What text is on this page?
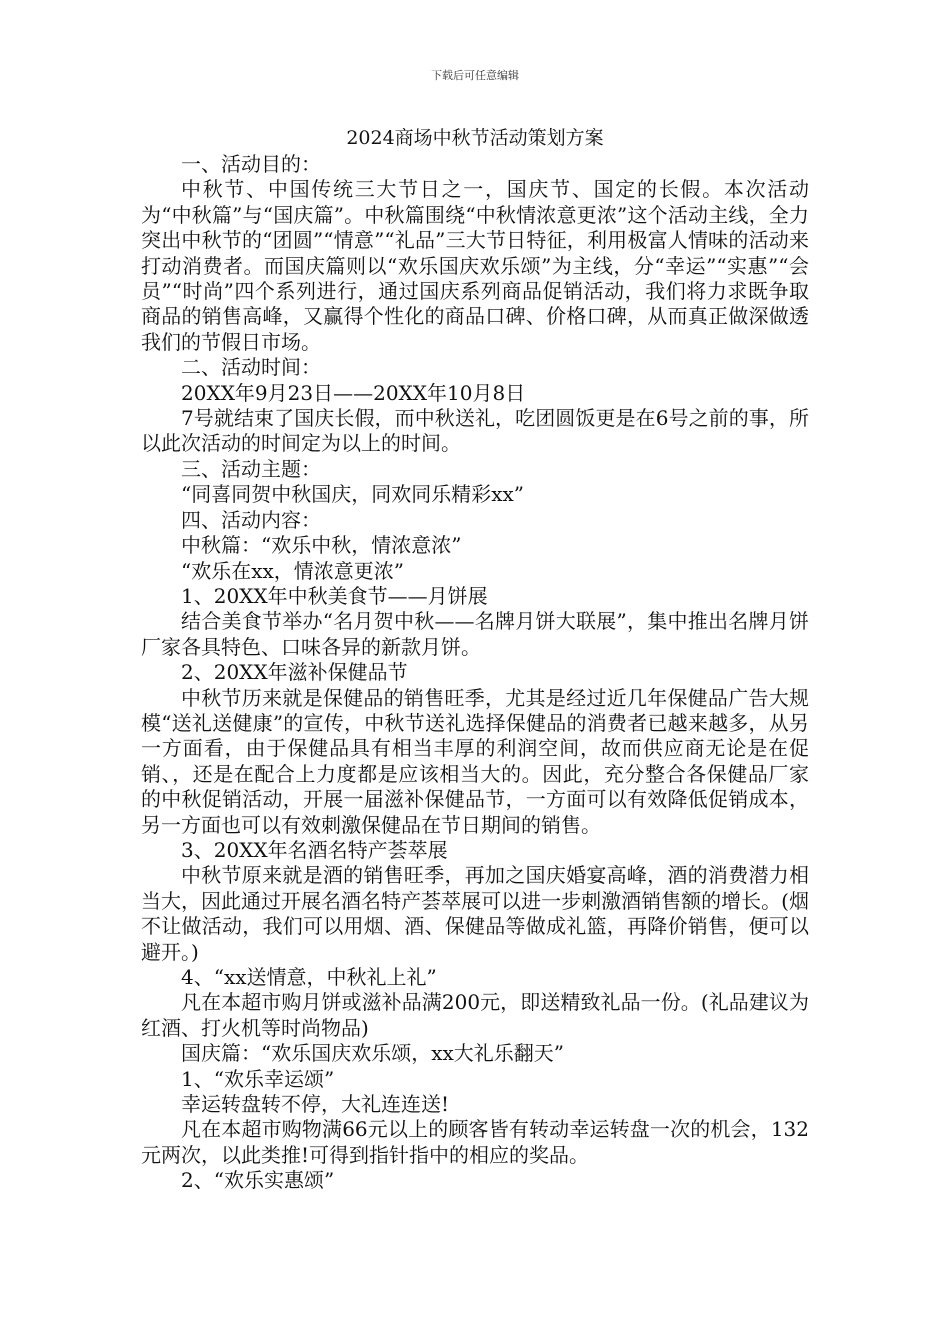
下载后可任意编辑
2024商场中秋节活动策划方案

一、活动目的：

中秋节、中国传统三大节日之一，国庆节、国定的长假。本次活动为“中秋篇”与“国庆篇”。中秋篇围绕“中秋情浓意更浓”这个活动主线，全力突出中秋节的“团圆”“情意”“礼品”三大节日特征，利用极富人情味的活动来打动消费者。而国庆篇则以“欢乐国庆欢乐颂”为主线，分“幸运”“实惠”“会员”“时尚”四个系列进行，通过国庆系列商品促销活动，我们将力求既争取商品的销售高峰，又赢得个性化的商品口碑、价格口碑，从而真正做深做透我们的节假日市场。

二、活动时间：

20XX年9月23日——20XX年10月8日

7号就结束了国庆长假，而中秋送礼，吃团圆饭更是在6号之前的事，所以此次活动的时间定为以上的时间。

三、活动主题：

“同喜同贺中秋国庆，同欢同乐精彩xx”

四、活动内容：

中秋篇：“欢乐中秋，情浓意浓”

“欢乐在xx，情浓意更浓”

1、20XX年中秋美食节——月饼展

结合美食节举办“名月贺中秋——名牌月饼大联展”，集中推出名牌月饼厂家各具特色、口味各异的新款月饼。

2、20XX年滋补保健品节

中秋节历来就是保健品的销售旺季，尤其是经过近几年保健品广告大规模“送礼送健康”的宣传，中秋节送礼选择保健品的消费者已越来越多，从另一方面看，由于保健品具有相当丰厚的利润空间，故而供应商无论是在促销、，还是在配合上力度都是应该相当大的。因此，充分整合各保健品厂家的中秋促销活动，开展一届滋补保健品节，一方面可以有效降低促销成本，另一方面也可以有效刺激保健品在节日期间的销售。

3、20XX年名酒名特产荟萃展

中秋节原来就是酒的销售旺季，再加之国庆婚宴高峰，酒的消费潜力相当大，因此通过开展名酒名特产荟萃展可以进一步刺激酒销售额的增长。(烟不让做活动，我们可以用烟、酒、保健品等做成礼篮，再降价销售，便可以避开。)

4、“xx送情意，中秋礼上礼”

凡在本超市购月饼或滋补品满200元，即送精致礼品一份。(礼品建议为红酒、打火机等时尚物品)

国庆篇：“欢乐国庆欢乐颂，xx大礼乐翻天”

1、“欢乐幸运颂”

幸运转盘转不停，大礼连连送!

凡在本超市购物满66元以上的顾客皆有转动幸运转盘一次的机会，132元两次，以此类推!可得到指针指中的相应的奖品。

2、“欢乐实惠颂”
